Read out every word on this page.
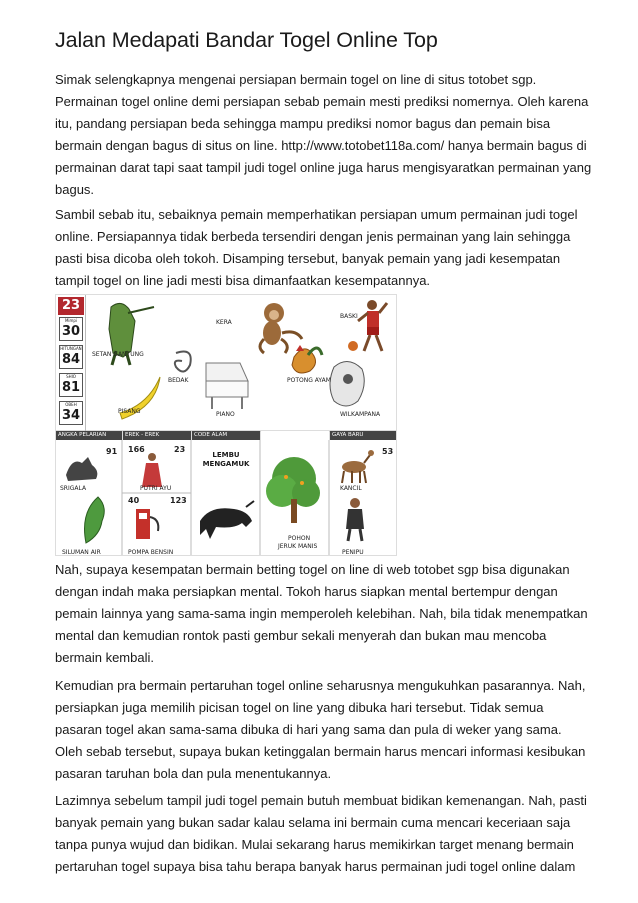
Jalan Medapati Bandar Togel Online Top

Simak selengkapnya mengenai persiapan bermain togel on line di situs totobet sgp.
Permainan togel online demi persiapan sebab pemain mesti prediksi nomernya. Oleh karena
itu, pandang persiapan beda sehingga mampu prediksi nomor bagus dan pemain bisa
bermain dengan bagus di situs on line. http://www.totobet118a.com/ hanya bermain bagus di
permainan darat tapi saat tampil judi togel online juga harus mengisyaratkan permainan yang
bagus.

Sambil sebab itu, sebaiknya pemain memperhatikan persiapan umum permainan judi togel
online. Persiapannya tidak berbeda tersendiri dengan jenis permainan yang lain sehingga
pasti bisa dicoba oleh tokoh. Disamping tersebut, banyak pemain yang jadi kesempatan
tampil togel on line jadi mesti bisa dimanfaatkan kesempatannya.

23
Mimpi
30
HITUNGAN
84
SHIO
81
OBEH
34
SETAN GANTUNG
KERA
BASKI
BEDAK	POTONG AYAM
PISANG	PIANO	WILKAMPANA
ANGKA PELARIAN	EREK - EREK	CODE ALAM	GAYA BARU
91 166	23	53
40	123
LEMBU
MENGAMUK
SRIGALA	PUTRI AYU	KANCIL
SILUMAN AIR	POMPA BENSIN
POHON
JERUK MANIS
PENIPU

Nah, supaya kesempatan bermain betting togel on line di web totobet sgp bisa digunakan
dengan indah maka persiapkan mental. Tokoh harus siapkan mental bertempur dengan
pemain lainnya yang sama-sama ingin memperoleh kelebihan. Nah, bila tidak menempatkan
mental dan kemudian rontok pasti gembur sekali menyerah dan bukan mau mencoba
bermain kembali.

Kemudian pra bermain pertaruhan togel online seharusnya mengukuhkan pasarannya. Nah,
persiapkan juga memilih picisan togel on line yang dibuka hari tersebut. Tidak semua
pasaran togel akan sama-sama dibuka di hari yang sama dan pula di weker yang sama.
Oleh sebab tersebut, supaya bukan ketinggalan bermain harus mencari informasi kesibukan
pasaran taruhan bola dan pula menentukannya.

Lazimnya sebelum tampil judi togel pemain butuh membuat bidikan kemenangan. Nah, pasti
banyak pemain yang bukan sadar kalau selama ini bermain cuma mencari keceriaan saja
tanpa punya wujud dan bidikan. Mulai sekarang harus memikirkan target menang bermain
pertaruhan togel supaya bisa tahu berapa banyak harus permainan judi togel online dalam
